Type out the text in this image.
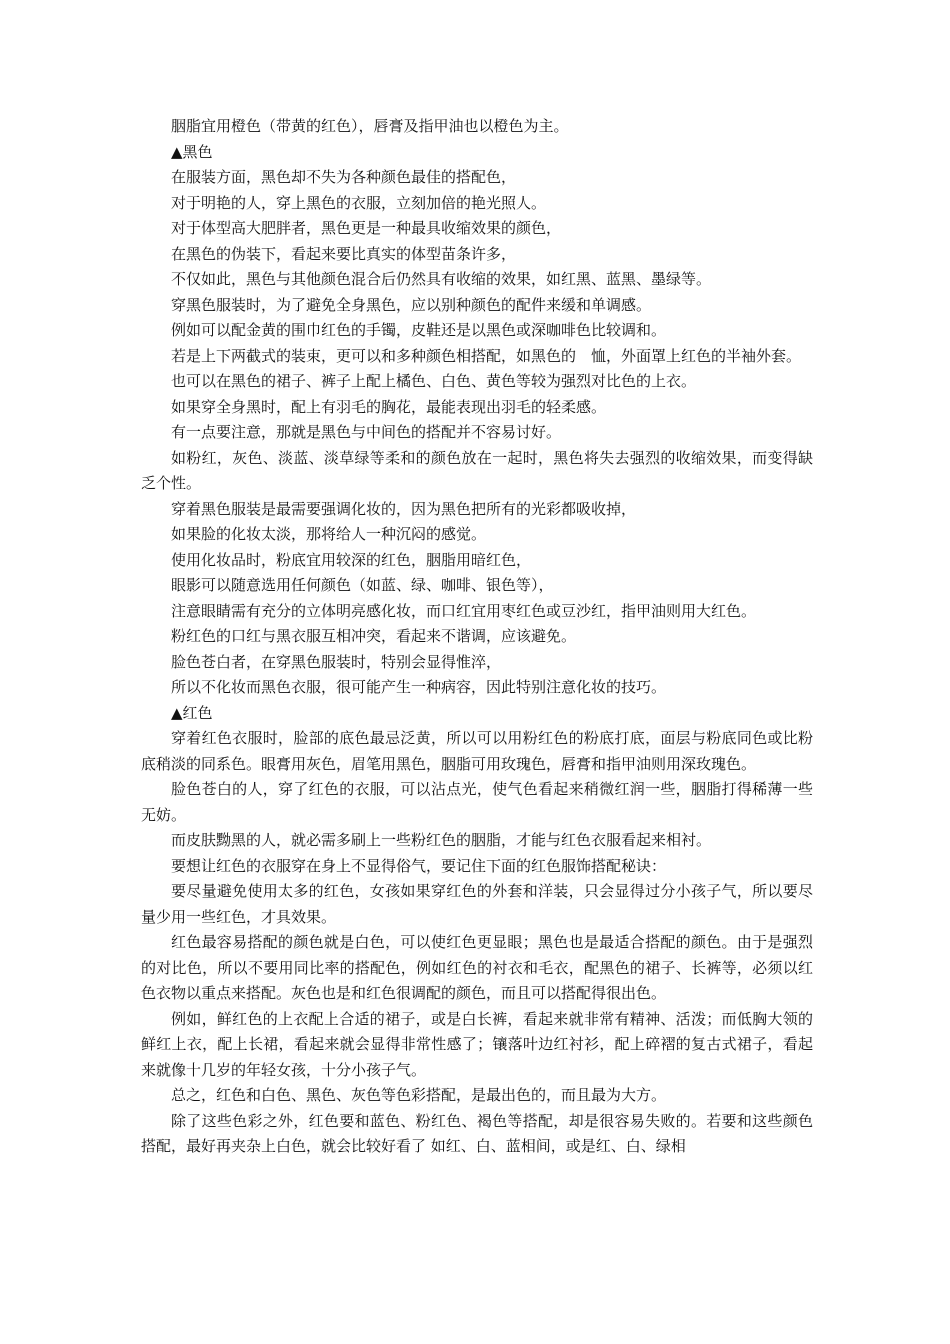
胭脂宜用橙色（带黄的红色），唇膏及指甲油也以橙色为主。

▲黑色

在服装方面，黑色却不失为各种颜色最佳的搭配色，

对于明艳的人，穿上黑色的衣服，立刻加倍的艳光照人。

对于体型高大肥胖者，黑色更是一种最具收缩效果的颜色，

在黑色的伪装下，看起来要比真实的体型苗条许多，

不仅如此，黑色与其他颜色混合后仍然具有收缩的效果，如红黑、蓝黑、墨绿等。

穿黑色服装时，为了避免全身黑色，应以别种颜色的配件来缓和单调感。

例如可以配金黄的围巾红色的手镯，皮鞋还是以黑色或深咖啡色比较调和。

若是上下两截式的装束，更可以和多种颜色相搭配，如黑色的　恤，外面罩上红色的半袖外套。

也可以在黑色的裙子、裤子上配上橘色、白色、黄色等较为强烈对比色的上衣。

如果穿全身黑时，配上有羽毛的胸花，最能表现出羽毛的轻柔感。

有一点要注意，那就是黑色与中间色的搭配并不容易讨好。

如粉红，灰色、淡蓝、淡草绿等柔和的颜色放在一起时，黑色将失去强烈的收缩效果，而变得缺乏个性。

穿着黑色服装是最需要强调化妆的，因为黑色把所有的光彩都吸收掉，

如果脸的化妆太淡，那将给人一种沉闷的感觉。

使用化妆品时，粉底宜用较深的红色，胭脂用暗红色，

眼影可以随意选用任何颜色（如蓝、绿、咖啡、银色等），

注意眼睛需有充分的立体明亮感化妆，而口红宜用枣红色或豆沙红，指甲油则用大红色。

粉红色的口红与黑衣服互相冲突，看起来不谐调，应该避免。

脸色苍白者，在穿黑色服装时，特别会显得惟淬，

所以不化妆而黑色衣服，很可能产生一种病容，因此特别注意化妆的技巧。

▲红色

穿着红色衣服时，脸部的底色最忌泛黄，所以可以用粉红色的粉底打底，面层与粉底同色或比粉底稍淡的同系色。眼膏用灰色，眉笔用黑色，胭脂可用玫瑰色，唇膏和指甲油则用深玫瑰色。

脸色苍白的人，穿了红色的衣服，可以沾点光，使气色看起来稍微红润一些，胭脂打得稀薄一些无妨。

而皮肤黝黑的人，就必需多刷上一些粉红色的胭脂，才能与红色衣服看起来相衬。

要想让红色的衣服穿在身上不显得俗气，要记住下面的红色服饰搭配秘诀：

要尽量避免使用太多的红色，女孩如果穿红色的外套和洋装，只会显得过分小孩子气，所以要尽量少用一些红色，才具效果。

红色最容易搭配的颜色就是白色，可以使红色更显眼；黑色也是最适合搭配的颜色。由于是强烈的对比色，所以不要用同比率的搭配色，例如红色的衬衣和毛衣，配黑色的裙子、长裤等，必须以红色衣物以重点来搭配。灰色也是和红色很调配的颜色，而且可以搭配得很出色。

例如，鲜红色的上衣配上合适的裙子，或是白长裤，看起来就非常有精神、活泼；而低胸大领的鲜红上衣，配上长裙，看起来就会显得非常性感了；镶落叶边红衬衫，配上碎褶的复古式裙子，看起来就像十几岁的年轻女孩，十分小孩子气。

总之，红色和白色、黑色、灰色等色彩搭配，是最出色的，而且最为大方。

除了这些色彩之外，红色要和蓝色、粉红色、褐色等搭配，却是很容易失败的。若要和这些颜色搭配，最好再夹杂上白色，就会比较好看了 如红、白、蓝相间，或是红、白、绿相
